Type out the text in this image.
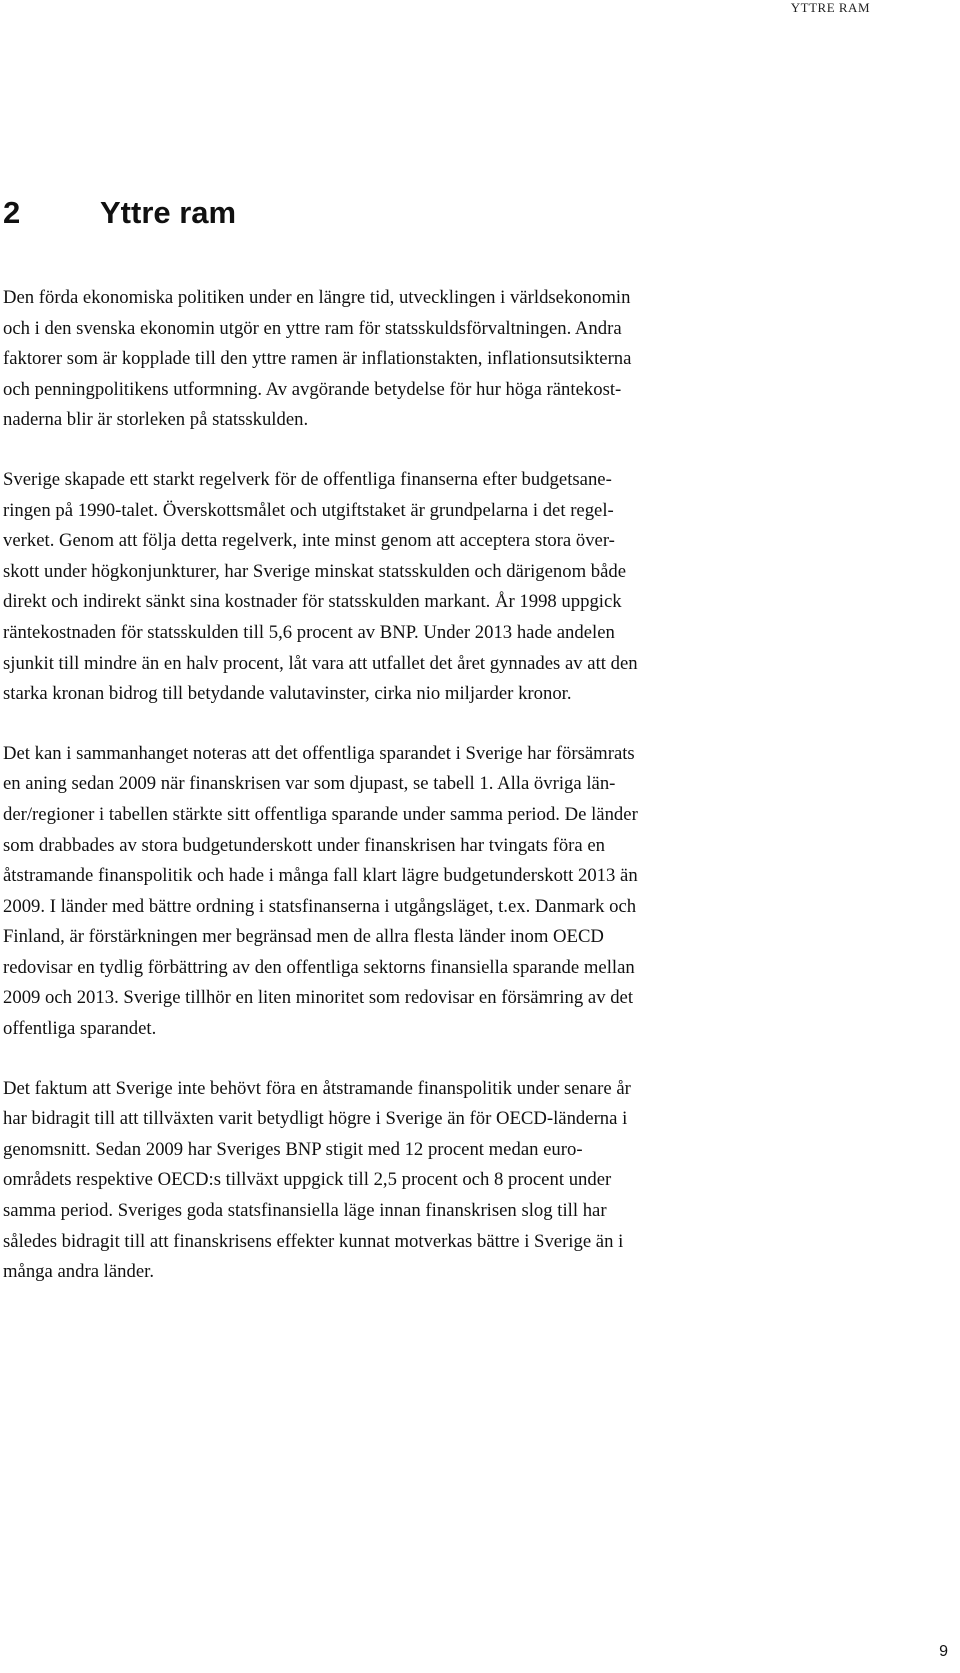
YTTRE RAM
2	Yttre ram

Den förda ekonomiska politiken under en längre tid, utvecklingen i världsekonomin
och i den svenska ekonomin utgör en yttre ram för statsskuldsförvaltningen. Andra
faktorer som är kopplade till den yttre ramen är inflationstakten, inflationsutsikterna
och penningpolitikens utformning. Av avgörande betydelse för hur höga räntekost-
naderna blir är storleken på statsskulden.

Sverige skapade ett starkt regelverk för de offentliga finanserna efter budgetsane-
ringen på 1990-talet. Överskottsmålet och utgiftstaket är grundpelarna i det regel-
verket. Genom att följa detta regelverk, inte minst genom att acceptera stora över-
skott under högkonjunkturer, har Sverige minskat statsskulden och därigenom både
direkt och indirekt sänkt sina kostnader för statsskulden markant. År 1998 uppgick
räntekostnaden för statsskulden till 5,6 procent av BNP. Under 2013 hade andelen
sjunkit till mindre än en halv procent, låt vara att utfallet det året gynnades av att den
starka kronan bidrog till betydande valutavinster, cirka nio miljarder kronor.

Det kan i sammanhanget noteras att det offentliga sparandet i Sverige har försämrats
en aning sedan 2009 när finanskrisen var som djupast, se tabell 1. Alla övriga län-
der/regioner i tabellen stärkte sitt offentliga sparande under samma period. De länder
som drabbades av stora budgetunderskott under finanskrisen har tvingats föra en
åtstramande finanspolitik och hade i många fall klart lägre budgetunderskott 2013 än
2009. I länder med bättre ordning i statsfinanserna i utgångsläget, t.ex. Danmark och
Finland, är förstärkningen mer begränsad men de allra flesta länder inom OECD
redovisar en tydlig förbättring av den offentliga sektorns finansiella sparande mellan
2009 och 2013. Sverige tillhör en liten minoritet som redovisar en försämring av det
offentliga sparandet.

Det faktum att Sverige inte behövt föra en åtstramande finanspolitik under senare år
har bidragit till att tillväxten varit betydligt högre i Sverige än för OECD-länderna i
genomsnitt. Sedan 2009 har Sveriges BNP stigit med 12 procent medan euro-
områdets respektive OECD:s tillväxt uppgick till 2,5 procent och 8 procent under
samma period. Sveriges goda statsfinansiella läge innan finanskrisen slog till har
således bidragit till att finanskrisens effekter kunnat motverkas bättre i Sverige än i
många andra länder.

9
